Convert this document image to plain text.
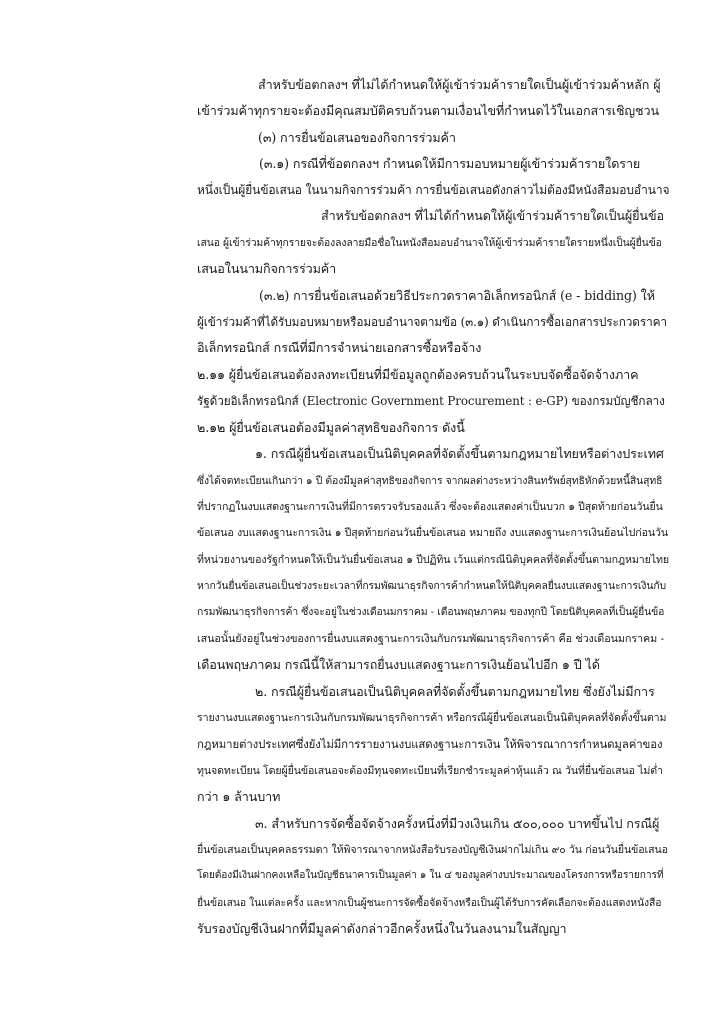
สำหรับข้อตกลงฯ ที่ไม่ได้กำหนดให้ผู้เข้าร่วมค้ารายใดเป็นผู้เข้าร่วมค้าหลัก ผู้
เข้าร่วมค้าทุกรายจะต้องมีคุณสมบัติครบถ้วนตามเงื่อนไขที่กำหนดไว้ในเอกสารเชิญชวน
(๓) การยื่นข้อเสนอของกิจการร่วมค้า
(๓.๑) กรณีที่ข้อตกลงฯ กำหนดให้มีการมอบหมายผู้เข้าร่วมค้ารายใดราย
หนึ่งเป็นผู้ยื่นข้อเสนอ ในนามกิจการร่วมค้า การยื่นข้อเสนอดังกล่าวไม่ต้องมีหนังสือมอบอำนาจ
สำหรับข้อตกลงฯ ที่ไม่ได้กำหนดให้ผู้เข้าร่วมค้ารายใดเป็นผู้ยื่นข้อ
เสนอ ผู้เข้าร่วมค้าทุกรายจะต้องลงลายมือชื่อในหนังสือมอบอำนาจให้ผู้เข้าร่วมค้ารายใดรายหนึ่งเป็นผู้ยื่นข้อ
เสนอในนามกิจการร่วมค้า
(๓.๒) การยื่นข้อเสนอด้วยวิธีประกวดราคาอิเล็กทรอนิกส์ (e - bidding) ให้
ผู้เข้าร่วมค้าที่ได้รับมอบหมายหรือมอบอำนาจตามข้อ (๓.๑) ดำเนินการซื้อเอกสารประกวดราคา
อิเล็กทรอนิกส์ กรณีที่มีการจำหน่ายเอกสารซื้อหรือจ้าง
๒.๑๑ ผู้ยื่นข้อเสนอต้องลงทะเบียนที่มีข้อมูลถูกต้องครบถ้วนในระบบจัดซื้อจัดจ้างภาค
รัฐด้วยอิเล็กทรอนิกส์ (Electronic Government Procurement : e-GP) ของกรมบัญชีกลาง
๒.๑๒ ผู้ยื่นข้อเสนอต้องมีมูลค่าสุทธิของกิจการ ดังนี้
๑. กรณีผู้ยื่นข้อเสนอเป็นนิติบุคคลที่จัดตั้งขึ้นตามกฎหมายไทยหรือต่างประเทศ
ซึ่งได้จดทะเบียนเกินกว่า ๑ ปี ต้องมีมูลค่าสุทธิของกิจการ จากผลต่างระหว่างสินทรัพย์สุทธิหักด้วยหนี้สินสุทธิ
ที่ปรากฏในงบแสดงฐานะการเงินที่มีการตรวจรับรองแล้ว ซึ่งจะต้องแสดงค่าเป็นบวก ๑ ปีสุดท้ายก่อนวันยื่น
ข้อเสนอ งบแสดงฐานะการเงิน ๑ ปีสุดท้ายก่อนวันยื่นข้อเสนอ หมายถึง งบแสดงฐานะการเงินย้อนไปก่อนวัน
ที่หน่วยงานของรัฐกำหนดให้เป็นวันยื่นข้อเสนอ ๑ ปีปฏิทิน เว้นแต่กรณีนิติบุคคลที่จัดตั้งขึ้นตามกฎหมายไทย
หากวันยื่นข้อเสนอเป็นช่วงระยะเวลาที่กรมพัฒนาธุรกิจการค้ากำหนดให้นิติบุคคลยื่นงบแสดงฐานะการเงินกับ
กรมพัฒนาธุรกิจการค้า ซึ่งจะอยู่ในช่วงเดือนมกราคม - เดือนพฤษภาคม ของทุกปี โดยนิติบุคคลที่เป็นผู้ยื่นข้อ
เสนอนั้นยังอยู่ในช่วงของการยื่นงบแสดงฐานะการเงินกับกรมพัฒนาธุรกิจการค้า คือ ช่วงเดือนมกราคม -
เดือนพฤษภาคม กรณีนี้ให้สามารถยื่นงบแสดงฐานะการเงินย้อนไปอีก ๑ ปี ได้
๒. กรณีผู้ยื่นข้อเสนอเป็นนิติบุคคลที่จัดตั้งขึ้นตามกฎหมายไทย ซึ่งยังไม่มีการ
รายงานงบแสดงฐานะการเงินกับกรมพัฒนาธุรกิจการค้า หรือกรณีผู้ยื่นข้อเสนอเป็นนิติบุคคลที่จัดตั้งขึ้นตาม
กฎหมายต่างประเทศซึ่งยังไม่มีการรายงานงบแสดงฐานะการเงิน ให้พิจารณาการกำหนดมูลค่าของ
ทุนจดทะเบียน โดยผู้ยื่นข้อเสนอจะต้องมีทุนจดทะเบียนที่เรียกชำระมูลค่าหุ้นแล้ว ณ วันที่ยื่นข้อเสนอ ไม่ต่ำ
กว่า ๑ ล้านบาท
๓. สำหรับการจัดซื้อจัดจ้างครั้งหนึ่งที่มีวงเงินเกิน ๕๐๐,๐๐๐ บาทขึ้นไป กรณีผู้
ยื่นข้อเสนอเป็นบุคคลธรรมดา ให้พิจารณาจากหนังสือรับรองบัญชีเงินฝากไม่เกิน ๙๐ วัน ก่อนวันยื่นข้อเสนอ
โดยต้องมีเงินฝากคงเหลือในบัญชีธนาคารเป็นมูลค่า ๑ ใน ๔ ของมูลค่างบประมาณของโครงการหรือรายการที่
ยื่นข้อเสนอ ในแต่ละครั้ง และหากเป็นผู้ชนะการจัดซื้อจัดจ้างหรือเป็นผู้ได้รับการคัดเลือกจะต้องแสดงหนังสือ
รับรองบัญชีเงินฝากที่มีมูลค่าดังกล่าวอีกครั้งหนึ่งในวันลงนามในสัญญา
